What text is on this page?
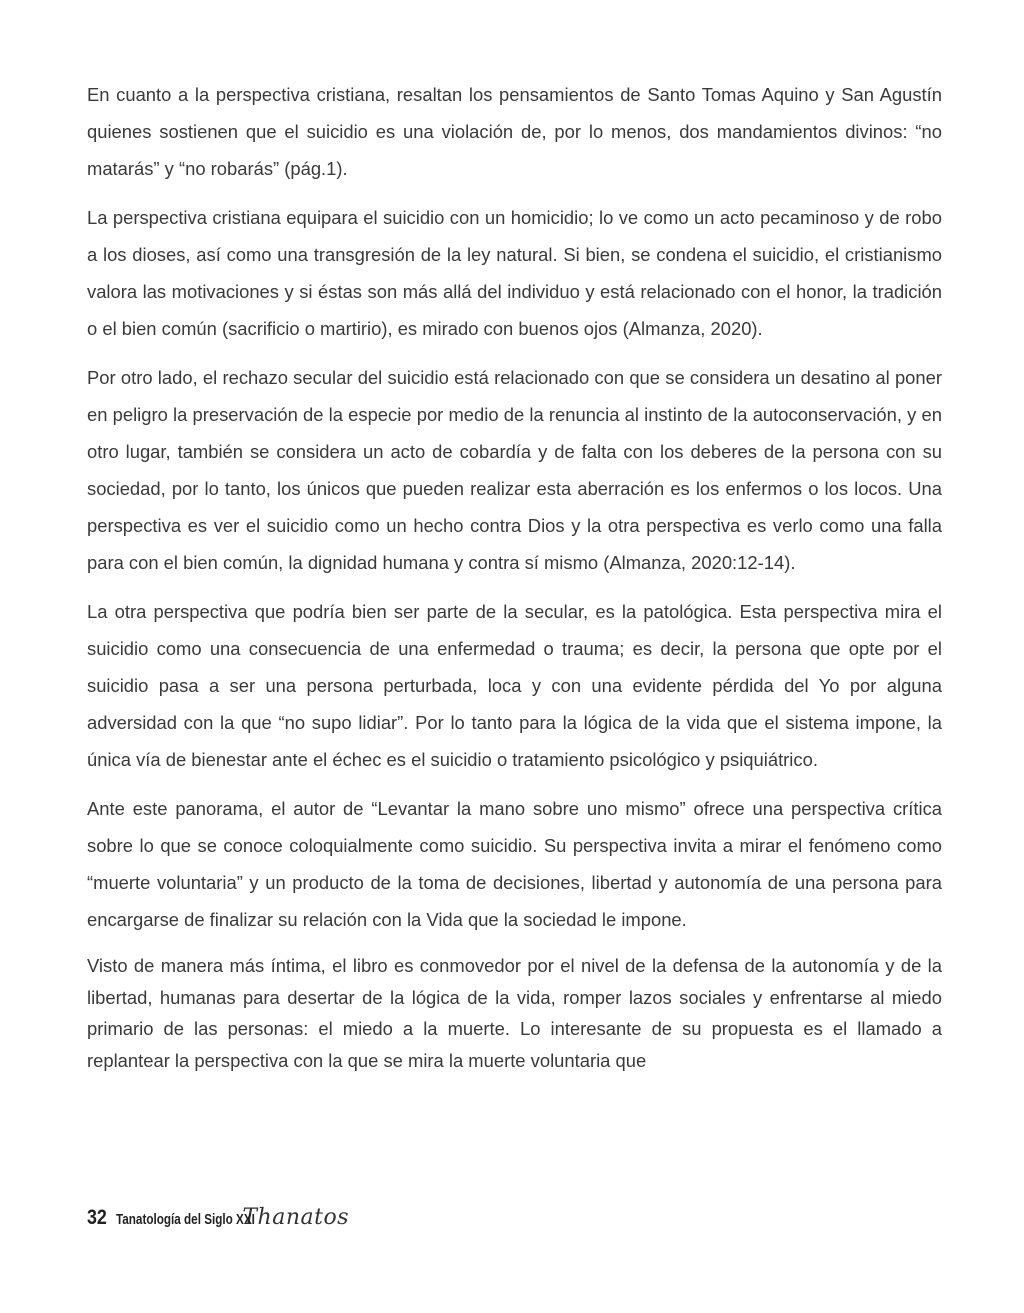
En cuanto a la perspectiva cristiana, resaltan los pensamientos de Santo Tomas Aquino y San Agustín quienes sostienen que el suicidio es una violación de, por lo menos, dos mandamientos divinos: “no matarás” y “no robarás” (pág.1).

La perspectiva cristiana equipara el suicidio con un homicidio; lo ve como un acto pecaminoso y de robo a los dioses, así como una transgresión de la ley natural. Si bien, se condena el suicidio, el cristianismo valora las motivaciones y si éstas son más allá del individuo y está relacionado con el honor, la tradición o el bien común (sacrificio o martirio), es mirado con buenos ojos (Almanza, 2020).

Por otro lado, el rechazo secular del suicidio está relacionado con que se considera un desatino al poner en peligro la preservación de la especie por medio de la renuncia al instinto de la autoconservación, y en otro lugar, también se considera un acto de cobardía y de falta con los deberes de la persona con su sociedad, por lo tanto, los únicos que pueden realizar esta aberración es los enfermos o los locos. Una perspectiva es ver el suicidio como un hecho contra Dios y la otra perspectiva es verlo como una falla para con el bien común, la dignidad humana y contra sí mismo (Almanza, 2020:12-14).

La otra perspectiva que podría bien ser parte de la secular, es la patológica. Esta perspectiva mira el suicidio como una consecuencia de una enfermedad o trauma; es decir, la persona que opte por el suicidio pasa a ser una persona perturbada, loca y con una evidente pérdida del Yo por alguna adversidad con la que “no supo lidiar”. Por lo tanto para la lógica de la vida que el sistema impone, la única vía de bienestar ante el échec es el suicidio o tratamiento psicológico y psiquiátrico.

Ante este panorama, el autor de “Levantar la mano sobre uno mismo” ofrece una perspectiva crítica sobre lo que se conoce coloquialmente como suicidio. Su perspectiva invita a mirar el fenómeno como “muerte voluntaria” y un producto de la toma de decisiones, libertad y autonomía de una persona para encargarse de finalizar su relación con la Vida que la sociedad le impone.

Visto de manera más íntima, el libro es conmovedor por el nivel de la defensa de la autonomía y de la libertad, humanas para desertar de la lógica de la vida, romper lazos sociales y enfrentarse al miedo primario de las personas: el miedo a la muerte. Lo interesante de su propuesta es el llamado a replantear la perspectiva con la que se mira la muerte voluntaria que

32 Tanatología del Siglo XXI
Thanatos
